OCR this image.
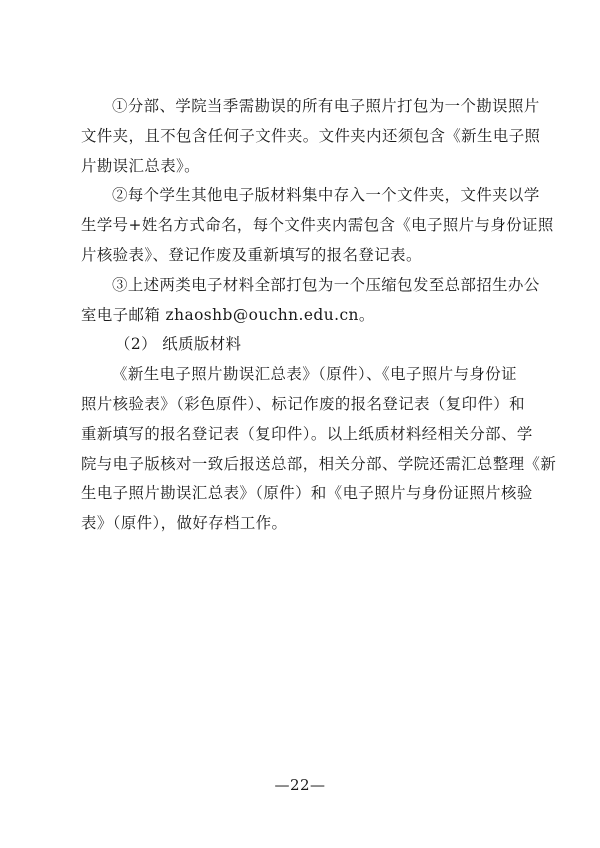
①分部、学院当季需勘误的所有电子照片打包为一个勘误照片
文件夹，且不包含任何子文件夹。文件夹内还须包含《新生电子照
片勘误汇总表》。
②每个学生其他电子版材料集中存入一个文件夹，文件夹以学
生学号+姓名方式命名，每个文件夹内需包含《电子照片与身份证照
片核验表》、登记作废及重新填写的报名登记表。
③上述两类电子材料全部打包为一个压缩包发至总部招生办公
室电子邮箱 zhaoshb@ouchn.edu.cn。
（2） 纸质版材料
《新生电子照片勘误汇总表》（原件）、《电子照片与身份证
照片核验表》（彩色原件）、标记作废的报名登记表（复印件）和
重新填写的报名登记表（复印件）。以上纸质材料经相关分部、学
院与电子版核对一致后报送总部，相关分部、学院还需汇总整理《新
生电子照片勘误汇总表》（原件）和《电子照片与身份证照片核验
表》（原件），做好存档工作。
—22—
